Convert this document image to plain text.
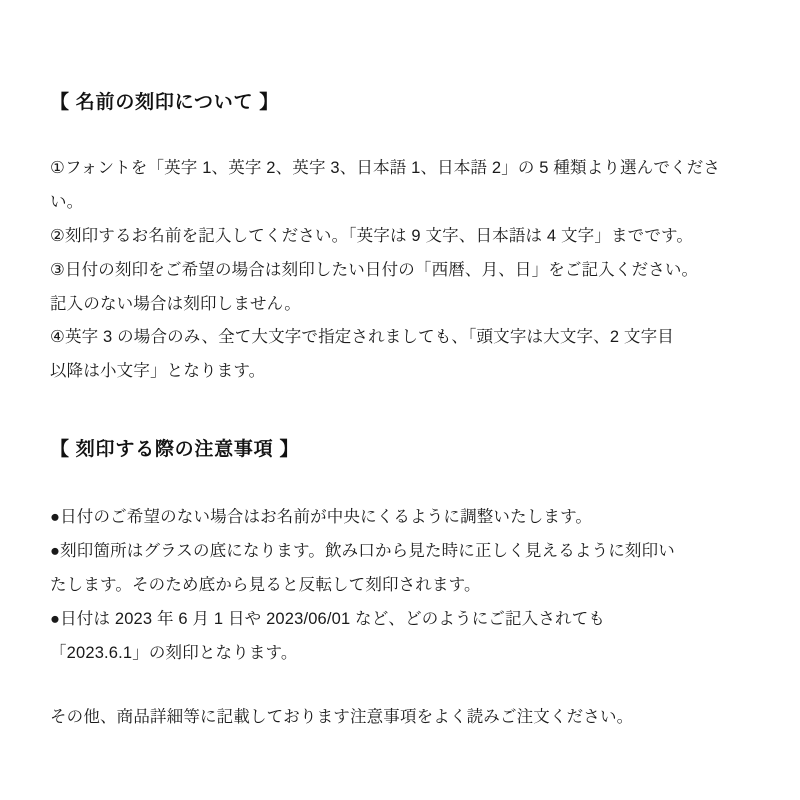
【 名前の刻印について 】

①フォントを「英字 1、英字 2、英字 3、日本語 1、日本語 2」の 5 種類より選んでください。

②刻印するお名前を記入してください。「英字は 9 文字、日本語は 4 文字」までです。

③日付の刻印をご希望の場合は刻印したい日付の「西暦、月、日」をご記入ください。

記入のない場合は刻印しません。

④英字 3 の場合のみ、全て大文字で指定されましても、「頭文字は大文字、2 文字目

以降は小文字」となります。

【 刻印する際の注意事項 】

●日付のご希望のない場合はお名前が中央にくるように調整いたします。

●刻印箇所はグラスの底になります。飲み口から見た時に正しく見えるように刻印い

たします。そのため底から見ると反転して刻印されます。

●日付は 2023 年 6 月 1 日や 2023/06/01 など、どのようにご記入されても

「2023.6.1」の刻印となります。

その他、商品詳細等に記載しております注意事項をよく読みご注文ください。
